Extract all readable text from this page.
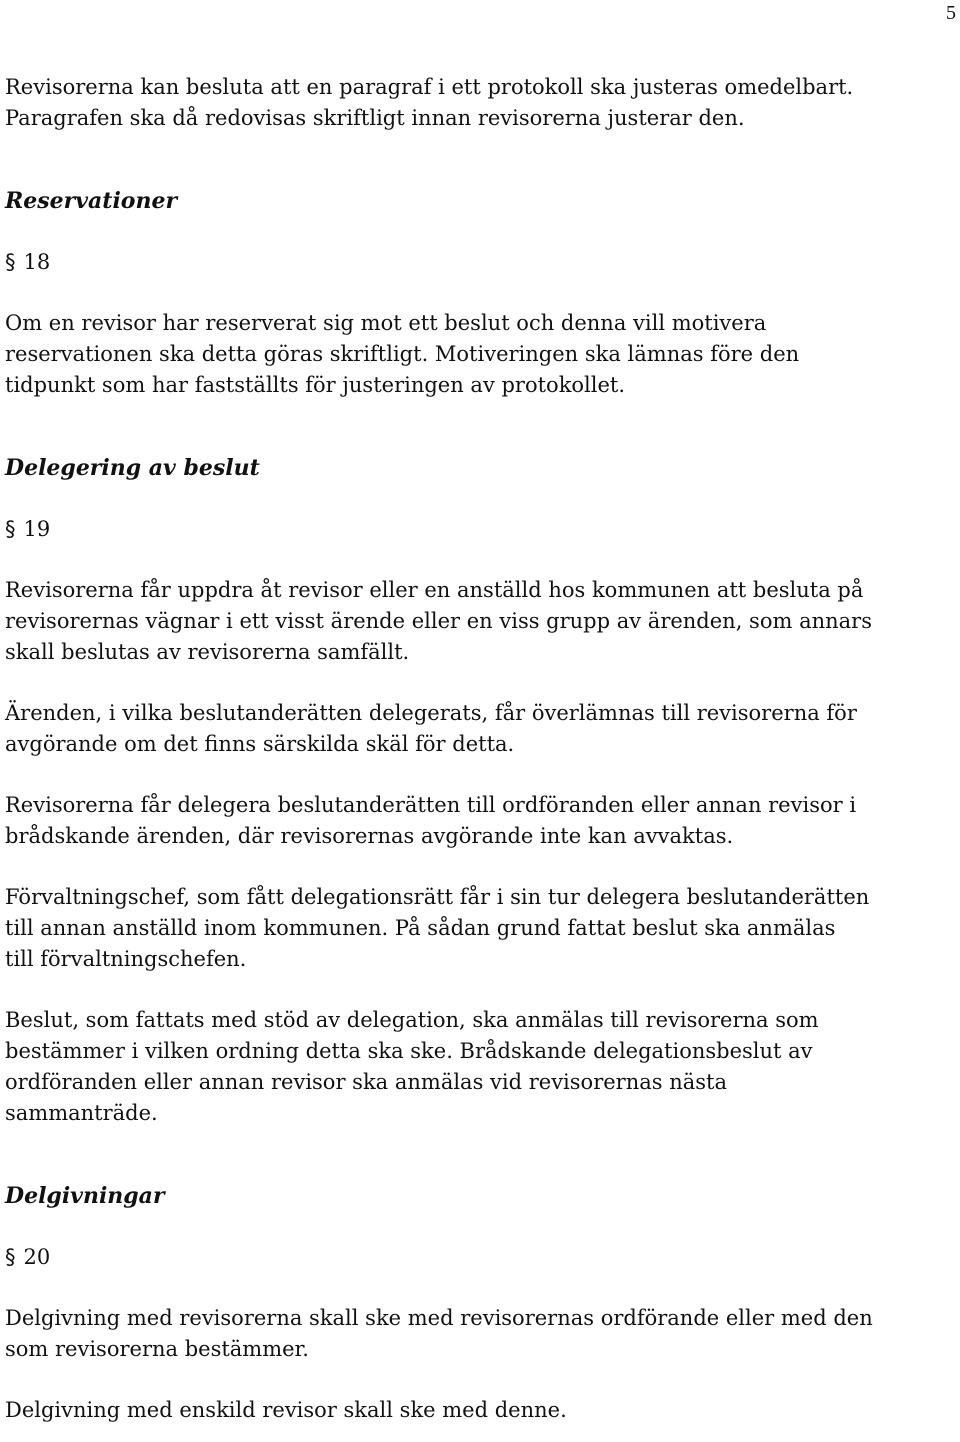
5

Revisorerna kan besluta att en paragraf i ett protokoll ska justeras omedelbart.
Paragrafen ska då redovisas skriftligt innan revisorerna justerar den.

Reservationer
§ 18

Om en revisor har reserverat sig mot ett beslut och denna vill motivera
reservationen ska detta göras skriftligt. Motiveringen ska lämnas före den
tidpunkt som har fastställts för justeringen av protokollet.

Delegering av beslut
§ 19

Revisorerna får uppdra åt revisor eller en anställd hos kommunen att besluta på
revisorernas vägnar i ett visst ärende eller en viss grupp av ärenden, som annars
skall beslutas av revisorerna samfällt.

Ärenden, i vilka beslutanderätten delegerats, får överlämnas till revisorerna för
avgörande om det finns särskilda skäl för detta.

Revisorerna får delegera beslutanderätten till ordföranden eller annan revisor i
brådskande ärenden, där revisorernas avgörande inte kan avvaktas.

Förvaltningschef, som fått delegationsrätt får i sin tur delegera beslutanderätten
till annan anställd inom kommunen. På sådan grund fattat beslut ska anmälas
till förvaltningschefen.

Beslut, som fattats med stöd av delegation, ska anmälas till revisorerna som
bestämmer i vilken ordning detta ska ske. Brådskande delegationsbeslut av
ordföranden eller annan revisor ska anmälas vid revisorernas nästa
sammanträde.

Delgivningar
§ 20

Delgivning med revisorerna skall ske med revisorernas ordförande eller med den
som revisorerna bestämmer.

Delgivning med enskild revisor skall ske med denne.
